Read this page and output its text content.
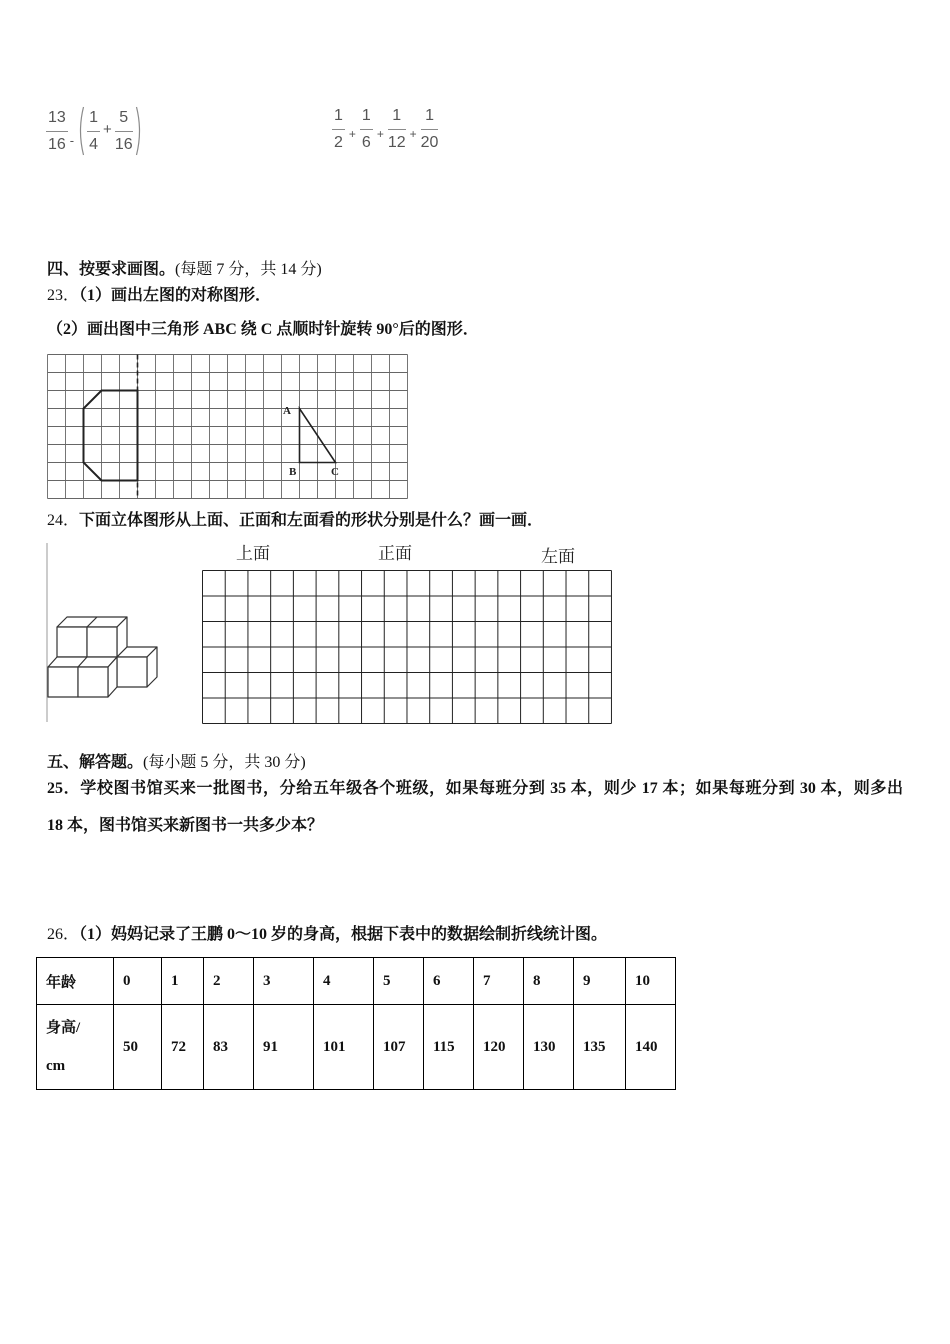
$\frac{13}{16} - \frac{1}{4} + \frac{5}{16}$	$\frac{1}{2} + \frac{1}{6} + \frac{1}{12} + \frac{1}{20}$
四、按要求画图。(每题 7 分，共 14 分)
23．（1）画出左图的对称图形．
（2）画出图中三角形 ABC 绕 C 点顺时针旋转 90°后的图形．
A
B	C
24．下面立体图形从上面、正面和左面看的形状分别是什么？画一画．
上面	正面	左面
五、解答题。(每小题 5 分，共 30 分)
25．学校图书馆买来一批图书，分给五年级各个班级，如果每班分到 35 本，则少 17 本；如果每班分到 30 本，则多出
18 本，图书馆买来新图书一共多少本？
26．（1）妈妈记录了王鹏 0～10 岁的身高，根据下表中的数据绘制折线统计图。
年龄	0	1	2	3	4	5	6	7	8	9	10

身高/
cm	50	72	83	91	101	107	115	120	130	135	140
